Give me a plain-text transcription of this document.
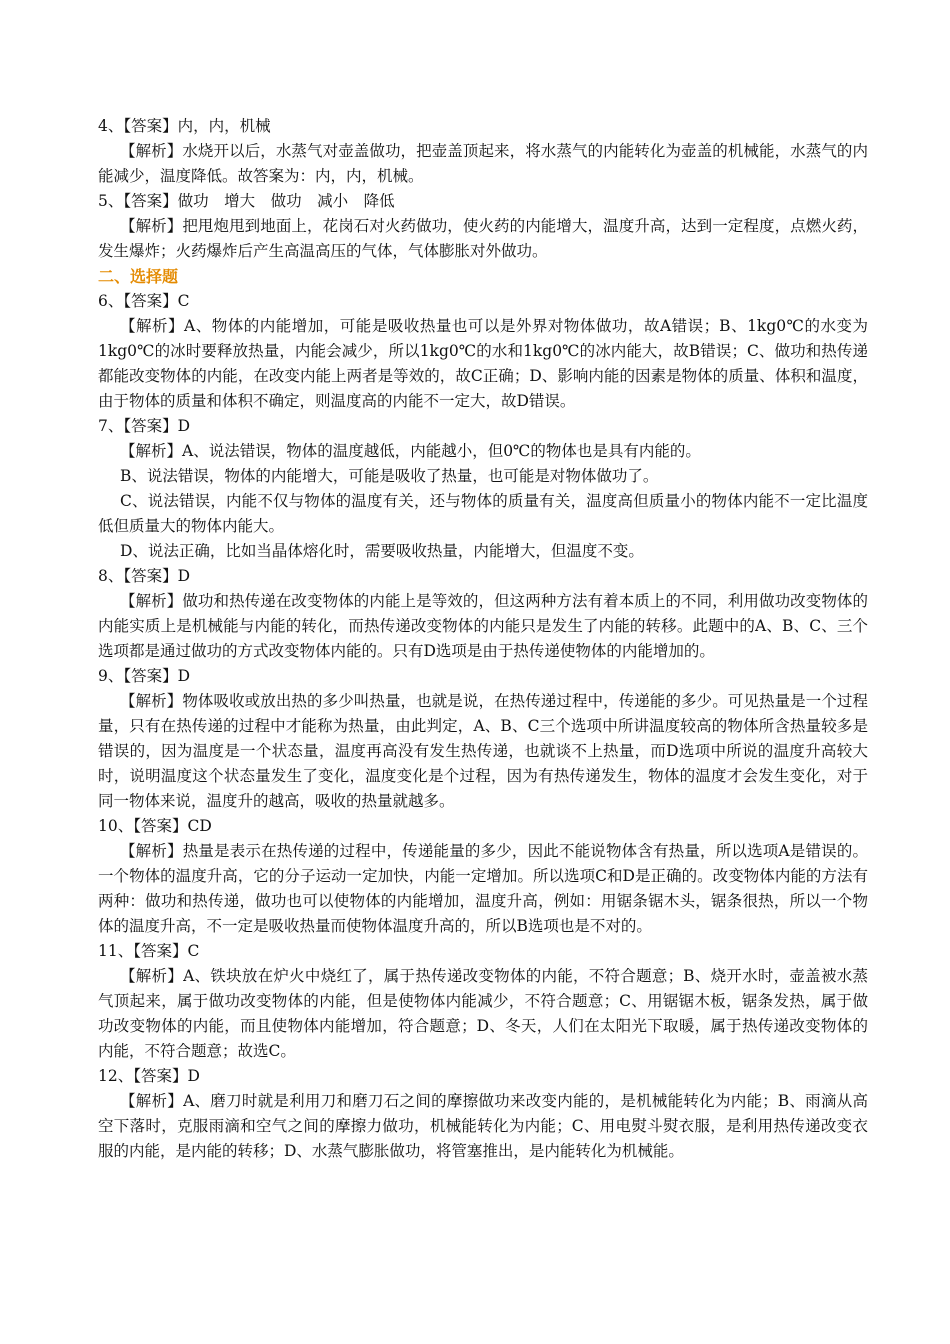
4、【答案】内，内，机械

【解析】水烧开以后，水蒸气对壶盖做功，把壶盖顶起来，将水蒸气的内能转化为壶盖的机械能，水蒸气的内能减少，温度降低。故答案为：内，内，机械。

5、【答案】做功　增大　做功　减小　降低

【解析】把甩炮甩到地面上，花岗石对火药做功，使火药的内能增大，温度升高，达到一定程度，点燃火药，发生爆炸；火药爆炸后产生高温高压的气体，气体膨胀对外做功。

二、选择题

6、【答案】C

【解析】A、物体的内能增加，可能是吸收热量也可以是外界对物体做功，故A错误；B、1kg0℃的水变为1kg0℃的冰时要释放热量，内能会减少，所以1kg0℃的水和1kg0℃的冰内能大，故B错误；C、做功和热传递都能改变物体的内能，在改变内能上两者是等效的，故C正确；D、影响内能的因素是物体的质量、体积和温度，由于物体的质量和体积不确定，则温度高的内能不一定大，故D错误。

7、【答案】D

【解析】A、说法错误，物体的温度越低，内能越小，但0℃的物体也是具有内能的。

B、说法错误，物体的内能增大，可能是吸收了热量，也可能是对物体做功了。

C、说法错误，内能不仅与物体的温度有关，还与物体的质量有关，温度高但质量小的物体内能不一定比温度低但质量大的物体内能大。

D、说法正确，比如当晶体熔化时，需要吸收热量，内能增大，但温度不变。

8、【答案】D

【解析】做功和热传递在改变物体的内能上是等效的，但这两种方法有着本质上的不同，利用做功改变物体的内能实质上是机械能与内能的转化，而热传递改变物体的内能只是发生了内能的转移。此题中的A、B、C、三个选项都是通过做功的方式改变物体内能的。只有D选项是由于热传递使物体的内能增加的。

9、【答案】D

【解析】物体吸收或放出热的多少叫热量，也就是说，在热传递过程中，传递能的多少。可见热量是一个过程量，只有在热传递的过程中才能称为热量，由此判定，A、B、C三个选项中所讲温度较高的物体所含热量较多是错误的，因为温度是一个状态量，温度再高没有发生热传递，也就谈不上热量，而D选项中所说的温度升高较大时，说明温度这个状态量发生了变化，温度变化是个过程，因为有热传递发生，物体的温度才会发生变化，对于同一物体来说，温度升的越高，吸收的热量就越多。

10、【答案】CD

【解析】热量是表示在热传递的过程中，传递能量的多少，因此不能说物体含有热量，所以选项A是错误的。一个物体的温度升高，它的分子运动一定加快，内能一定增加。所以选项C和D是正确的。改变物体内能的方法有两种：做功和热传递，做功也可以使物体的内能增加，温度升高，例如：用锯条锯木头，锯条很热，所以一个物体的温度升高，不一定是吸收热量而使物体温度升高的，所以B选项也是不对的。

11、【答案】C

【解析】A、铁块放在炉火中烧红了，属于热传递改变物体的内能，不符合题意；B、烧开水时，壶盖被水蒸气顶起来，属于做功改变物体的内能，但是使物体内能减少，不符合题意；C、用锯锯木板，锯条发热，属于做功改变物体的内能，而且使物体内能增加，符合题意；D、冬天，人们在太阳光下取暖，属于热传递改变物体的内能，不符合题意；故选C。

12、【答案】D

【解析】A、磨刀时就是利用刀和磨刀石之间的摩擦做功来改变内能的，是机械能转化为内能；B、雨滴从高空下落时，克服雨滴和空气之间的摩擦力做功，机械能转化为内能；C、用电熨斗熨衣服，是利用热传递改变衣服的内能，是内能的转移；D、水蒸气膨胀做功，将管塞推出，是内能转化为机械能。
